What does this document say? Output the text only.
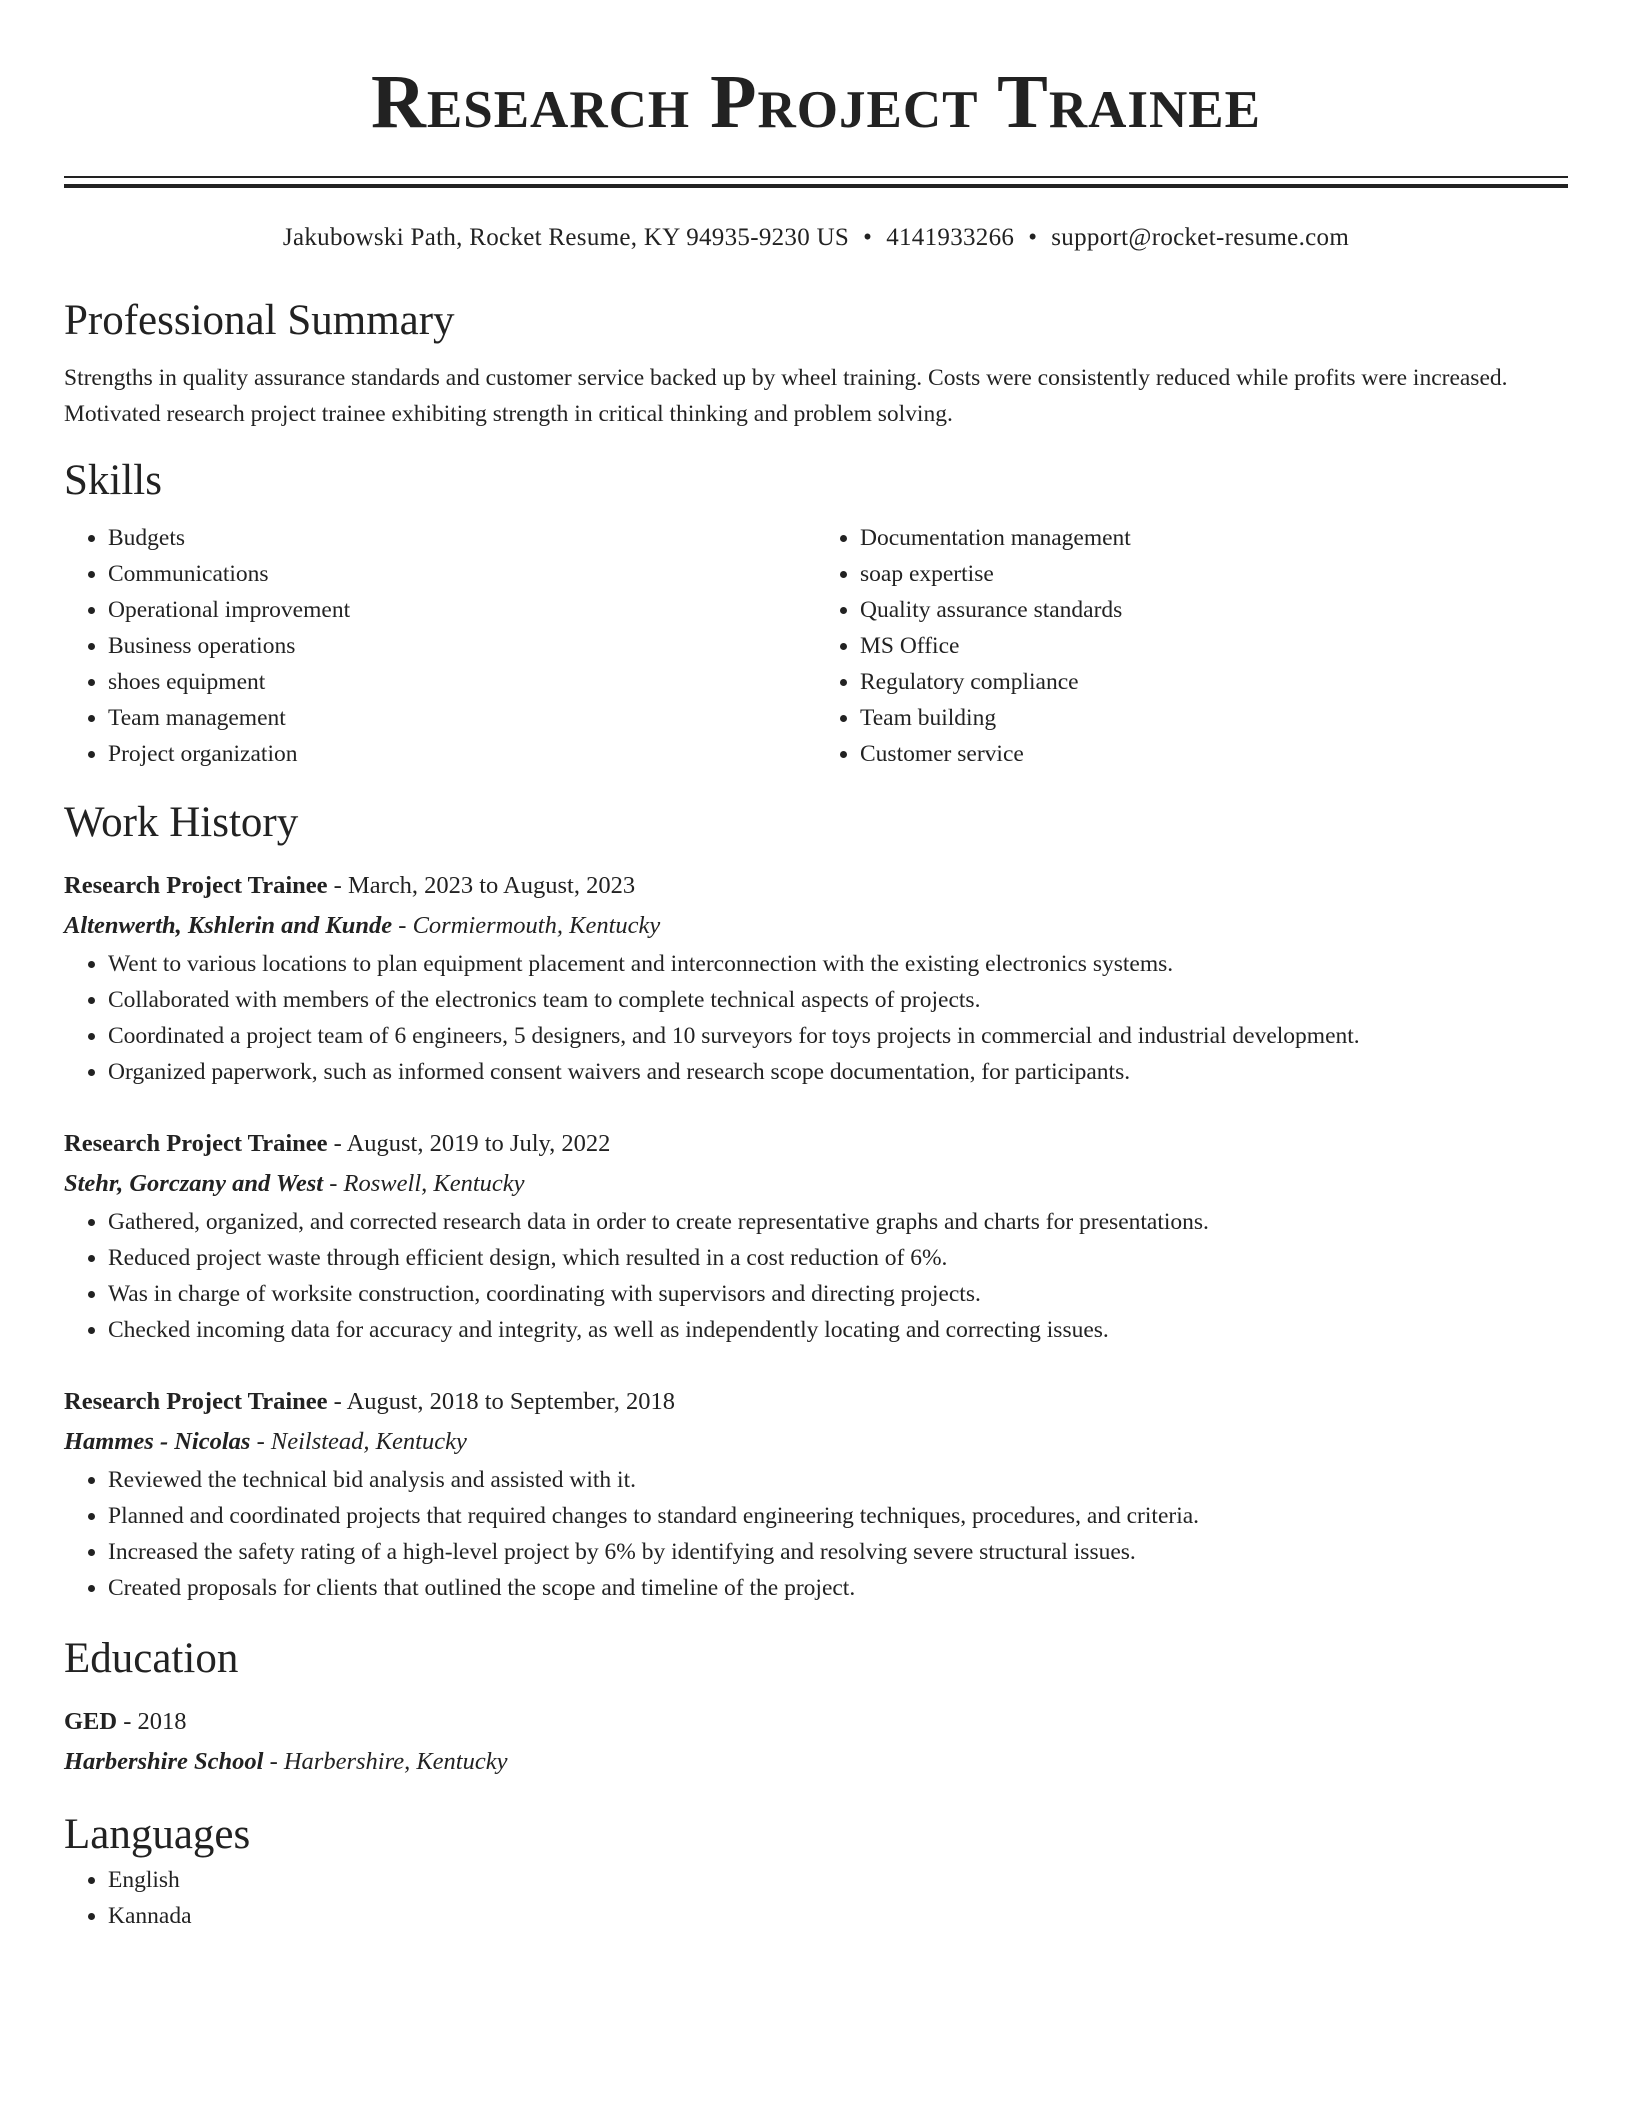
Research Project Trainee
Jakubowski Path, Rocket Resume, KY 94935-9230 US • 4141933266 • support@rocket-resume.com
Professional Summary
Strengths in quality assurance standards and customer service backed up by wheel training. Costs were consistently reduced while profits were increased. Motivated research project trainee exhibiting strength in critical thinking and problem solving.
Skills
• Budgets
• Communications
• Operational improvement
• Business operations
• shoes equipment
• Team management
• Project organization
• Documentation management
• soap expertise
• Quality assurance standards
• MS Office
• Regulatory compliance
• Team building
• Customer service
Work History
Research Project Trainee - March, 2023 to August, 2023
Altenwerth, Kshlerin and Kunde - Cormiermouth, Kentucky
• Went to various locations to plan equipment placement and interconnection with the existing electronics systems.
• Collaborated with members of the electronics team to complete technical aspects of projects.
• Coordinated a project team of 6 engineers, 5 designers, and 10 surveyors for toys projects in commercial and industrial development.
• Organized paperwork, such as informed consent waivers and research scope documentation, for participants.
Research Project Trainee - August, 2019 to July, 2022
Stehr, Gorczany and West - Roswell, Kentucky
• Gathered, organized, and corrected research data in order to create representative graphs and charts for presentations.
• Reduced project waste through efficient design, which resulted in a cost reduction of 6%.
• Was in charge of worksite construction, coordinating with supervisors and directing projects.
• Checked incoming data for accuracy and integrity, as well as independently locating and correcting issues.
Research Project Trainee - August, 2018 to September, 2018
Hammes - Nicolas - Neilstead, Kentucky
• Reviewed the technical bid analysis and assisted with it.
• Planned and coordinated projects that required changes to standard engineering techniques, procedures, and criteria.
• Increased the safety rating of a high-level project by 6% by identifying and resolving severe structural issues.
• Created proposals for clients that outlined the scope and timeline of the project.
Education
GED - 2018
Harbershire School - Harbershire, Kentucky
Languages
• English
• Kannada
